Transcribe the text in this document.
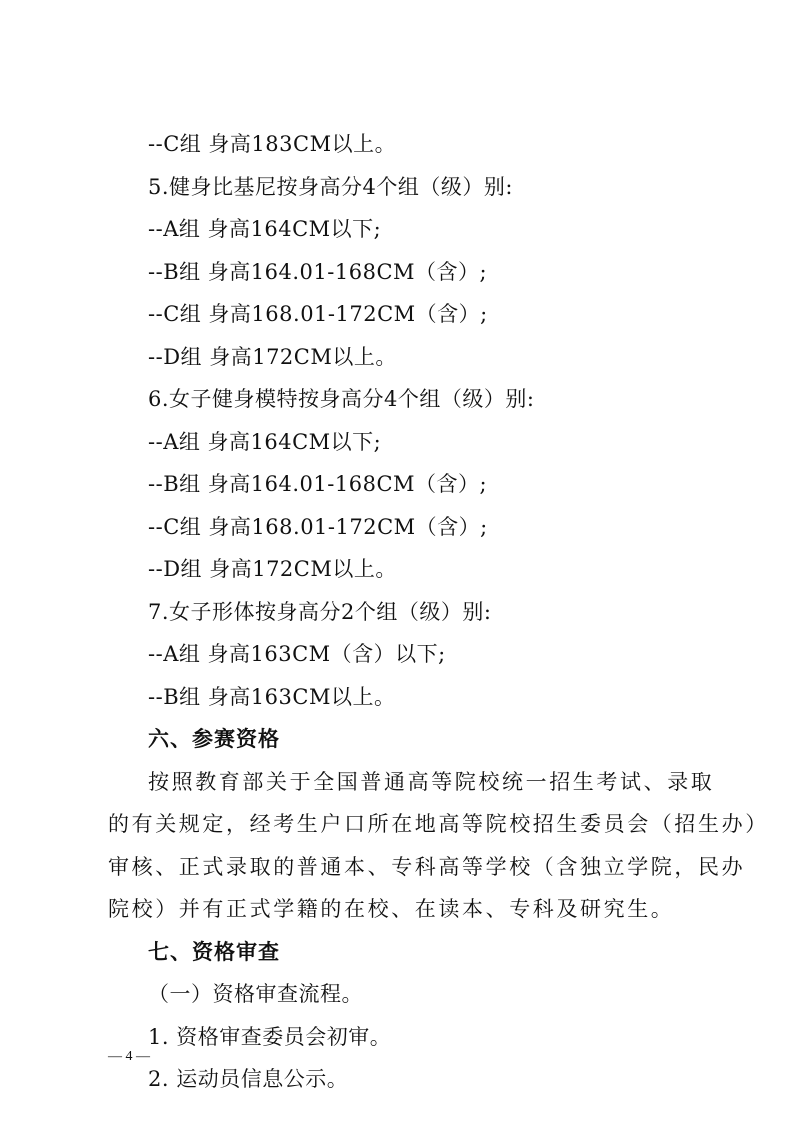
--C组 身高183CM以上。
5.健身比基尼按身高分4个组（级）别:
--A组 身高164CM以下;
--B组 身高164.01-168CM（含）;
--C组 身高168.01-172CM（含）;
--D组 身高172CM以上。
6.女子健身模特按身高分4个组（级）别:
--A组 身高164CM以下;
--B组 身高164.01-168CM（含）;
--C组 身高168.01-172CM（含）;
--D组 身高172CM以上。
7.女子形体按身高分2个组（级）别:
--A组 身高163CM（含）以下;
--B组 身高163CM以上。
六、参赛资格
按照教育部关于全国普通高等院校统一招生考试、录取
的有关规定，经考生户口所在地高等院校招生委员会（招生办）
审核、正式录取的普通本、专科高等学校（含独立学院，民办
院校）并有正式学籍的在校、在读本、专科及研究生。
七、资格审查
（一）资格审查流程。
1. 资格审查委员会初审。
2. 运动员信息公示。
— 4 —
